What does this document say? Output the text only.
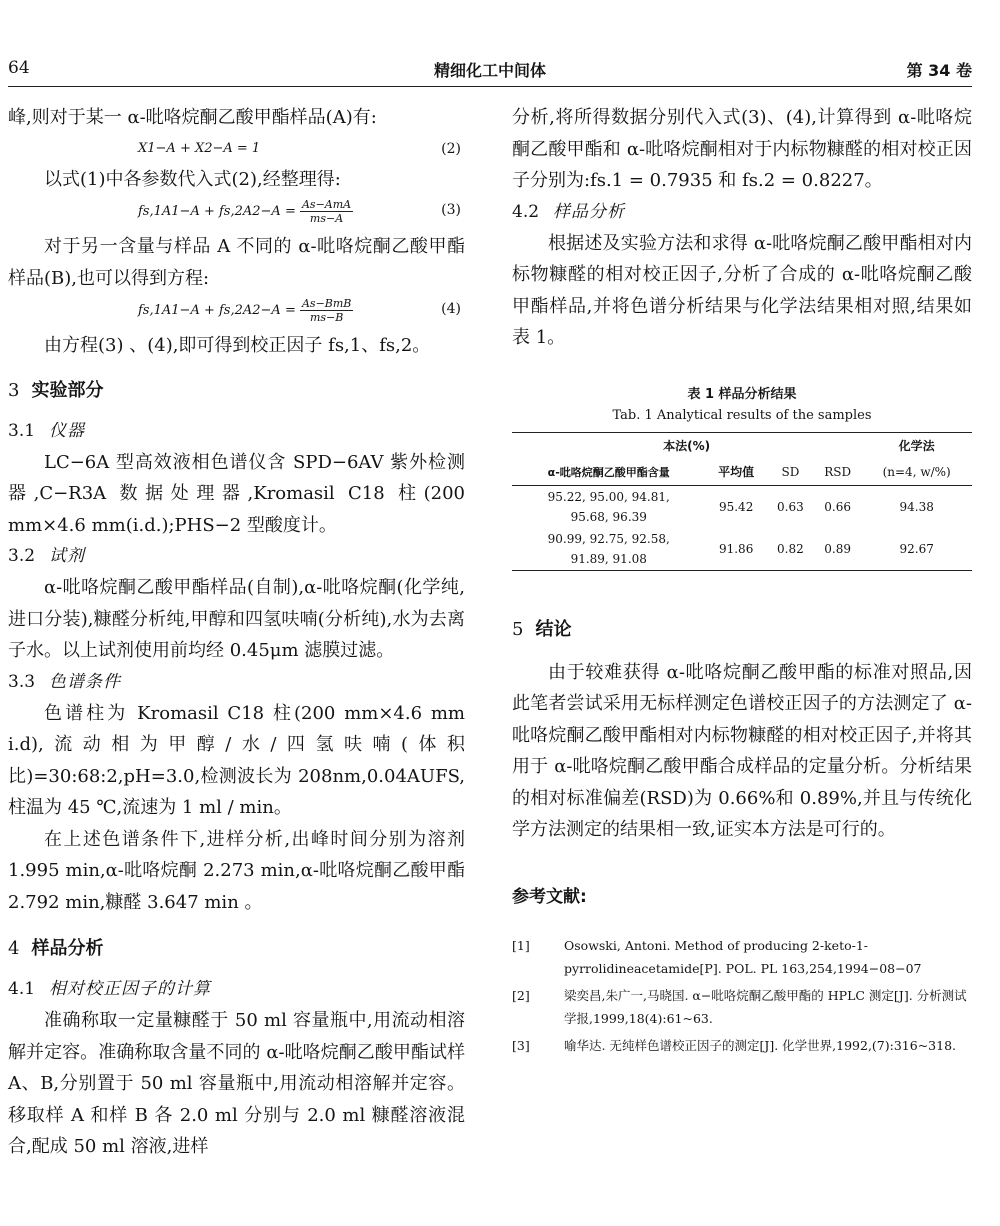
64	精细化工中间体	第 34 卷

峰,则对于某一 α-吡咯烷酮乙酸甲酯样品(A)有:

X1−A + X2−A = 1	(2)

以式(1)中各参数代入式(2),经整理得:

$fs,1A1-A + fs,2A2-A = \frac{\text{As−AmA}}{ms-A}$	(3)

对于另一含量与样品 A 不同的 α-吡咯烷酮乙酸甲酯样品(B),也可以得到方程:

$fs,1A1-A + fs,2A2-A = \frac{\text{As−BmB}}{ms-B}$	(4)

由方程(3) 、(4),即可得到校正因子 fs,1、fs,2。

3 实验部分
3.1 仪器

LC−6A 型高效液相色谱仪含 SPD−6AV 紫外检测器,C−R3A 数据处理器,Kromasil C18 柱(200 mm×4.6 mm(i.d.);PHS−2 型酸度计。

3.2 试剂

α-吡咯烷酮乙酸甲酯样品(自制),α-吡咯烷酮(化学纯,进口分装),糠醛分析纯,甲醇和四氢呋喃(分析纯),水为去离子水。以上试剂使用前均经 0.45μm 滤膜过滤。

3.3 色谱条件

色谱柱为 Kromasil C18 柱(200 mm×4.6 mm i.d),流动相为甲醇/水/四氢呋喃(体积比)=30:68:2,pH=3.0,检测波长为 208nm,0.04AUFS,柱温为 45 ℃,流速为 1 ml / min。

在上述色谱条件下,进样分析,出峰时间分别为溶剂 1.995 min,α-吡咯烷酮 2.273 min,α-吡咯烷酮乙酸甲酯 2.792 min,糠醛 3.647 min 。

4 样品分析
4.1 相对校正因子的计算

准确称取一定量糠醛于 50 ml 容量瓶中,用流动相溶解并定容。准确称取含量不同的 α-吡咯烷酮乙酸甲酯试样 A、B,分别置于 50 ml 容量瓶中,用流动相溶解并定容。移取样 A 和样 B 各 2.0 ml 分别与 2.0 ml 糠醛溶液混合,配成 50 ml 溶液,进样

分析,将所得数据分别代入式(3)、(4),计算得到 α-吡咯烷酮乙酸甲酯和 α-吡咯烷酮相对于内标物糠醛的相对校正因子分别为:fs.1 = 0.7935 和 fs.2 = 0.8227。

4.2 样品分析

根据述及实验方法和求得 α-吡咯烷酮乙酸甲酯相对内标物糠醛的相对校正因子,分析了合成的 α-吡咯烷酮乙酸甲酯样品,并将色谱分析结果与化学法结果相对照,结果如表 1。

表 1 样品分析结果
Tab. 1 Analytical results of the samples
本法(%)				化学法
α-吡咯烷酮乙酸甲酯含量	平均值	SD	RSD	(n=4, w/%)
95.22, 95.00, 94.81,
95.68, 96.39	95.42	0.63	0.66	94.38
90.99, 92.75, 92.58,
91.89, 91.08	91.86	0.82	0.89	92.67
5 结论

由于较难获得 α-吡咯烷酮乙酸甲酯的标准对照品,因此笔者尝试采用无标样测定色谱校正因子的方法测定了 α-吡咯烷酮乙酸甲酯相对内标物糠醛的相对校正因子,并将其用于 α-吡咯烷酮乙酸甲酯合成样品的定量分析。分析结果的相对标准偏差(RSD)为 0.66%和 0.89%,并且与传统化学方法测定的结果相一致,证实本方法是可行的。

参考文献:
[1]	Osowski, Antoni. Method of producing 2-keto-1-pyrrolidineacetamide[P]. POL. PL 163,254,1994−08−07
[2]	梁奕昌,朱广一,马晓国. α−吡咯烷酮乙酸甲酯的 HPLC 测定[J]. 分析测试学报,1999,18(4):61~63.
[3]	喻华达. 无纯样色谱校正因子的测定[J]. 化学世界,1992,(7):316~318.
